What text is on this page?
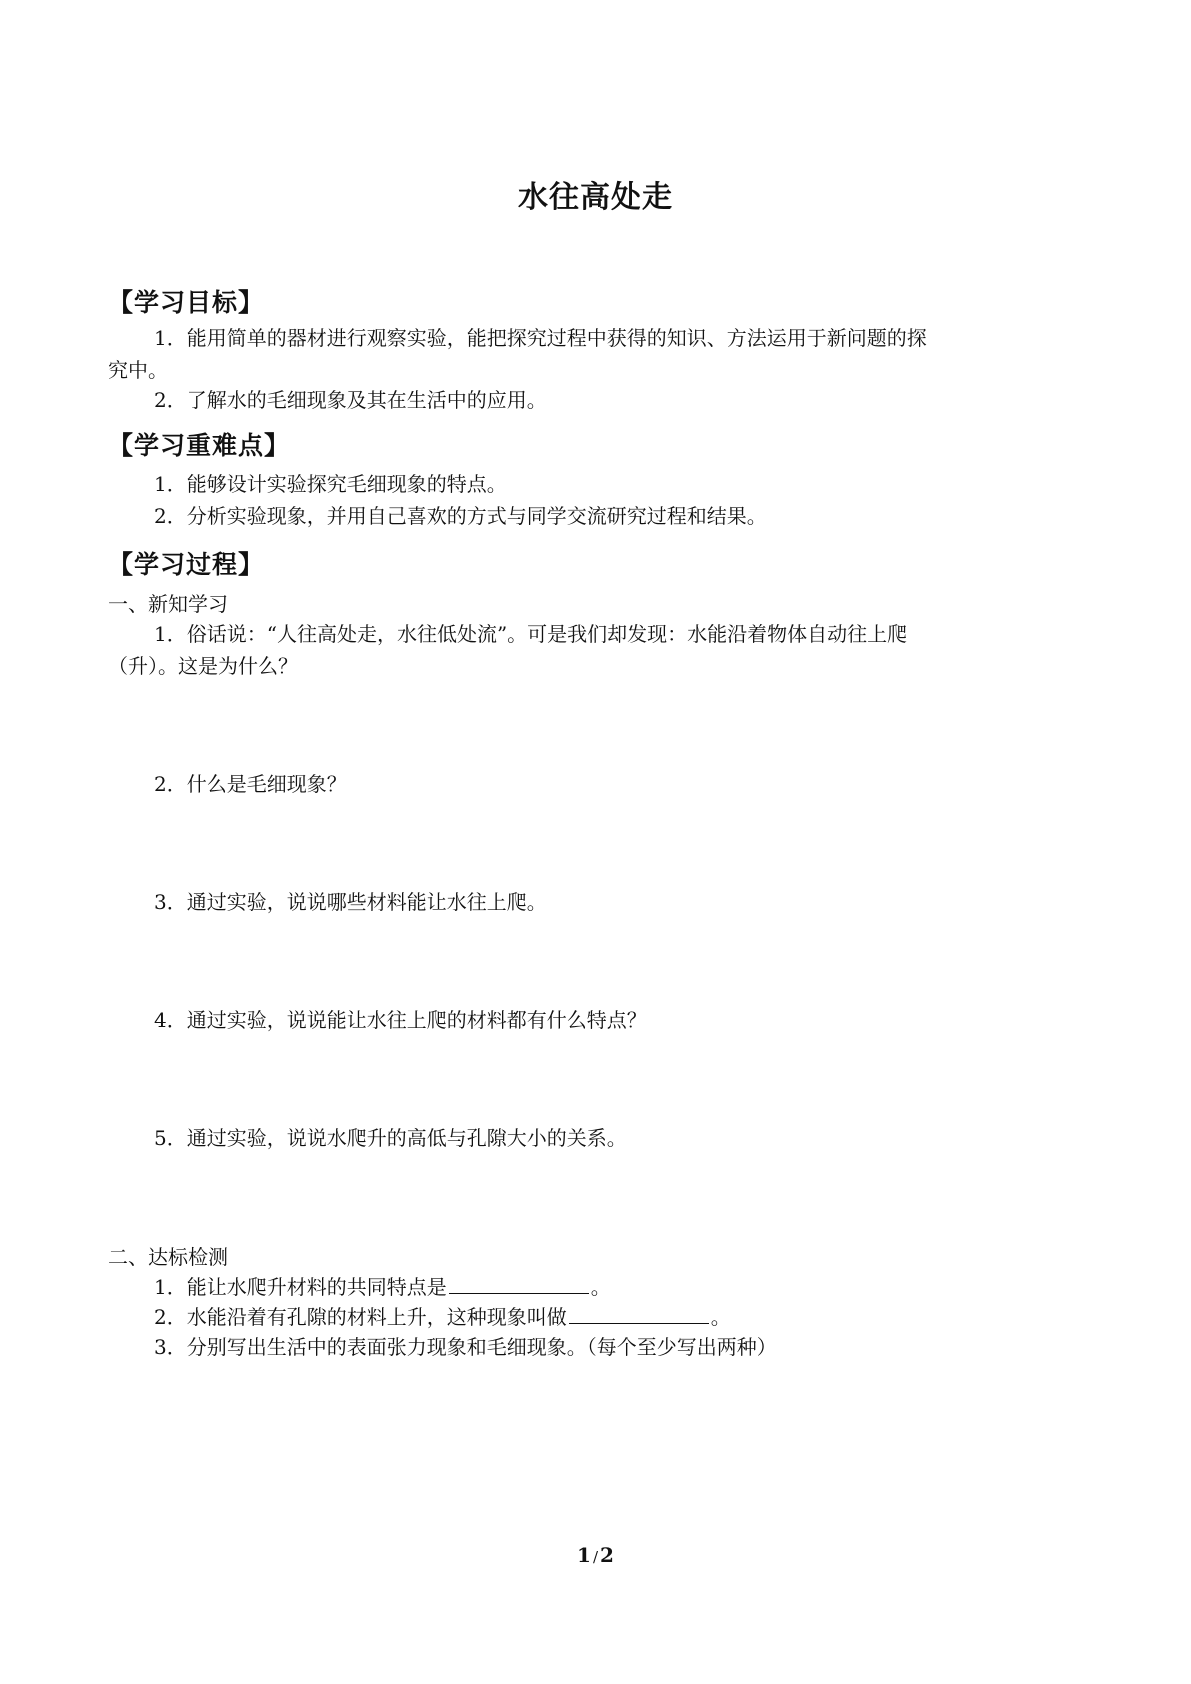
水往高处走
【学习目标】
1．能用简单的器材进行观察实验，能把探究过程中获得的知识、方法运用于新问题的探
究中。
2．了解水的毛细现象及其在生活中的应用。
【学习重难点】
1．能够设计实验探究毛细现象的特点。
2．分析实验现象，并用自己喜欢的方式与同学交流研究过程和结果。
【学习过程】
一、新知学习
1．俗话说：“人往高处走，水往低处流”。可是我们却发现：水能沿着物体自动往上爬
（升）。这是为什么？
2．什么是毛细现象？
3．通过实验，说说哪些材料能让水往上爬。
4．通过实验，说说能让水往上爬的材料都有什么特点？
5．通过实验，说说水爬升的高低与孔隙大小的关系。
二、达标检测
1．能让水爬升材料的共同特点是	。
2．水能沿着有孔隙的材料上升，这种现象叫做	。
3．分别写出生活中的表面张力现象和毛细现象。（每个至少写出两种）
1 / 2
